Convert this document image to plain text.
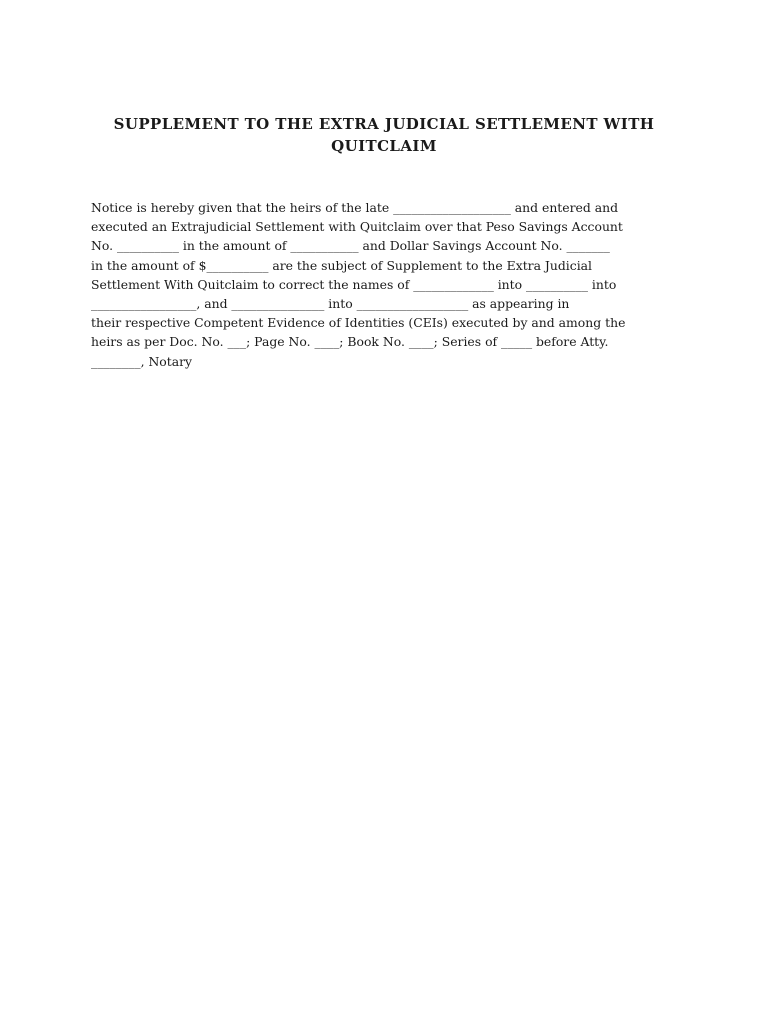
SUPPLEMENT TO THE EXTRA JUDICIAL SETTLEMENT WITH
QUITCLAIM

Notice is hereby given that the heirs of the late ___________________ and entered and
executed an Extrajudicial Settlement with Quitclaim over that Peso Savings Account
No. __________ in the amount of ___________ and Dollar Savings Account No. _______
in the amount of $__________ are the subject of Supplement to the Extra Judicial
Settlement With Quitclaim to correct the names of _____________ into __________ into
_________________, and _______________ into __________________ as appearing in
their respective Competent Evidence of Identities (CEIs) executed by and among the
heirs as per Doc. No. ___; Page No. ____; Book No. ____; Series of _____ before Atty.
________, Notary
